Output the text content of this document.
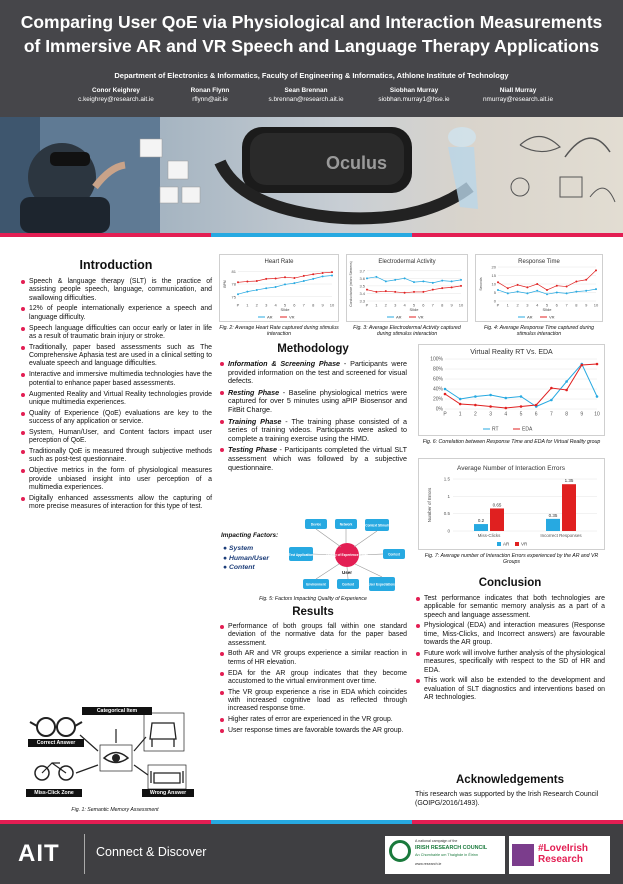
Comparing User QoE via Physiological and Interaction Measurements
of Immersive AR and VR Speech and Language Therapy Applications
Department of Electronics & Informatics, Faculty of Engineering & Informatics, Athlone Institute of Technology
Conor Keighrey
c.keighrey@research.ait.ie
Ronan Flynn
rflynn@ait.ie
Sean Brennan
s.brennan@research.ait.ie
Siobhan Murray
siobhan.murray1@hse.ie
Niall Murray
nmurray@research.ait.ie
Oculus
Introduction
Speech & language therapy (SLT) is the practice of assisting people speech, language, communication, and swallowing difficulties.
12% of people internationally experience a speech and language difficulty.
Speech language difficulties can occur early or later in life as a result of traumatic brain injury or stroke.
Traditionally, paper based assessments such as The Comprehensive Aphasia test are used in a clinical setting to evaluate speech and language difficulties.
Interactive and immersive multimedia technologies have the potential to enhance paper based assessments.
Augmented Reality and Virtual Reality technologies provide unique multimedia experiences.
Quality of Experience (QoE) evaluations are key to the success of any application or service.
System, Human/User, and Content factors impact user perception of QoE.
Traditionally QoE is measured through subjective methods such as post-test questionnaire.
Objective metrics in the form of physiological measures provide unbiased insight into user perception of a multimedia experiences.
Digitally enhanced assessments allow the capturing of more precise measures of interaction for this type of test.
Categorical Item
Correct Answer
Miss-Click Zone	Wrong Answer
Fig. 1: Semantic Memory Assessment
Heart Rate
75
78
81
P 1 2 3 4 5 6 7 8 9 10
Slide
BPM
AR	VR
Fig. 2: Average Heart Rate captured during stimulus interaction
Electrodermal Activity
3.3
3.4
3.5
3.6
3.7
P 1 2 3 4 5 6 7 8 9 10
Slide
Conductance (micro Siemens)
AR	VR
Fig. 3: Average Electrodermal Activity captured during stimulus interaction
Response Time
0
5
10
15
20
P 1 2 3 4 5 6 7 8 9 10
Slide
Seconds
AR	VR
Fig. 4: Average Response Time captured during stimulus interaction
Methodology
Information & Screening Phase - Participants were provided information on the test and screened for visual defects.
Resting Phase - Baseline physiological metrics were captured for over 5 minutes using aPIP Biosensor and FitBit Charge.
Training Phase - The training phase consisted of a series of training videos. Participants were asked to complete a training exercise using the HMD.
Testing Phase - Participants completed the virtual SLT assessment which was followed by a subjective questionnaire.
Impacting Factors:
● System
● Human/User
● Content
Device	Network	Context Stimuli
Test Application	Context
Environment	Content	User Expectations
Quality of Experience (QoE)
User
Fig. 5: Factors Impacting Quality of Experience
Results
Performance of both groups fall within one standard deviation of the normative data for the paper based assessment.
Both AR and VR groups experience a similar reaction in terms of HR elevation.
EDA for the AR group indicates that they become accustomed to the virtual environment over time.
The VR group experience a rise in EDA which coincides with increased cognitive load as reflected through increased response time.
Higher rates of error are experienced in the VR group.
User response times are favorable towards the AR group.
Virtual Reality RT Vs. EDA
0%
20%
40%
60%
80%
100%
P 1 2 3 4 5 6 7 8 9 10
RT	EDA
Fig. 6: Correlation between Response Time and EDA for Virtual Reality group
Average Number of Interaction Errors
0
0.5
1
1.5
Number of Errors
Miss-Clicks
0.2
0.65
Incorrect Responses
0.35
1.35
AR	VR
Fig. 7: Average number of Interaction Errors experienced by the AR and VR Groups
Conclusion
Test performance indicates that both technologies are applicable for semantic memory analysis as a part of a speech and language assessment.
Physiological (EDA) and interaction measures (Response time, Miss-Clicks, and Incorrect answers) are favourable towards the AR group.
Future work will involve further analysis of the physiological measures, specifically with respect to the SD of HR and EDA.
This work will also be extended to the development and evaluation of SLT diagnostics and interventions based on AR technologies.
Acknowledgements
This research was supported by the Irish Research Council (GOIPG/2016/1493).
AIT	Connect & Discover
A national campaign of the
IRISH RESEARCH COUNCIL
An Chomhairle um Thaighde in Éirinn
www.research.ie
#LoveIrish
Research
